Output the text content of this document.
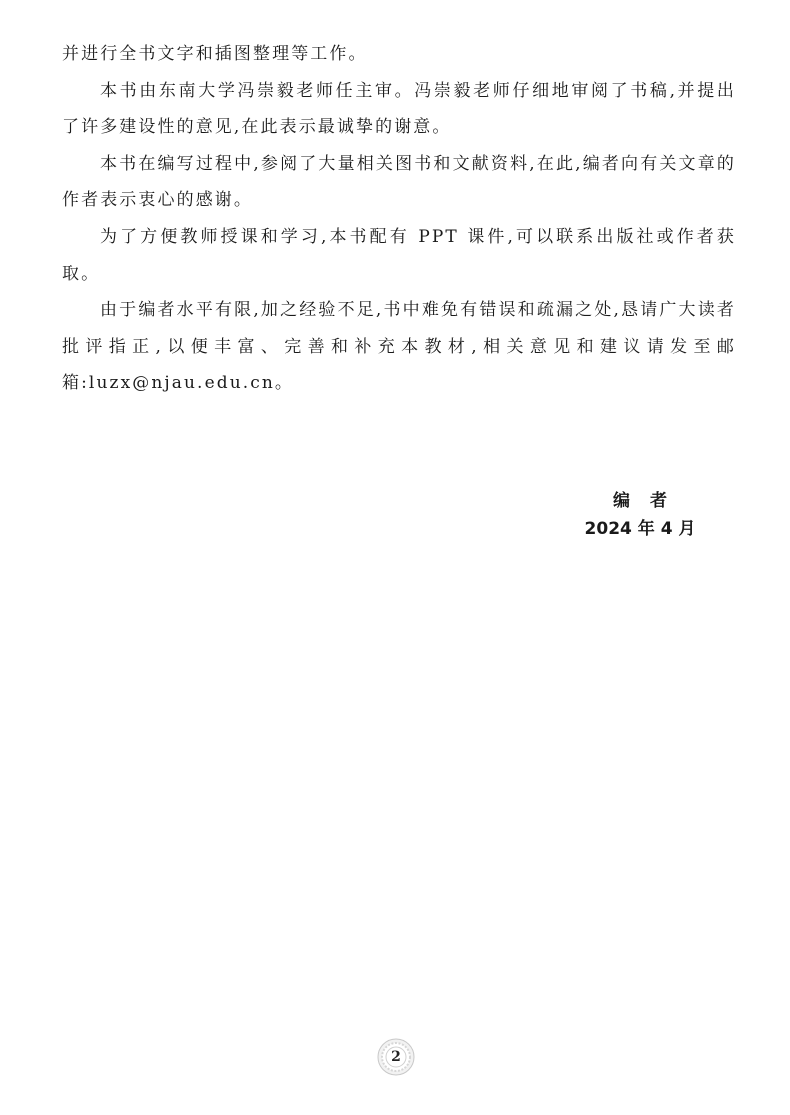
并进行全书文字和插图整理等工作。

本书由东南大学冯崇毅老师任主审。冯崇毅老师仔细地审阅了书稿,并提出了许多建设性的意见,在此表示最诚挚的谢意。

本书在编写过程中,参阅了大量相关图书和文献资料,在此,编者向有关文章的作者表示衷心的感谢。

为了方便教师授课和学习,本书配有 PPT 课件,可以联系出版社或作者获取。

由于编者水平有限,加之经验不足,书中难免有错误和疏漏之处,恳请广大读者批评指正,以便丰富、完善和补充本教材,相关意见和建议请发至邮箱:luzx@njau.edu.cn。

编者
2024 年 4 月
2
